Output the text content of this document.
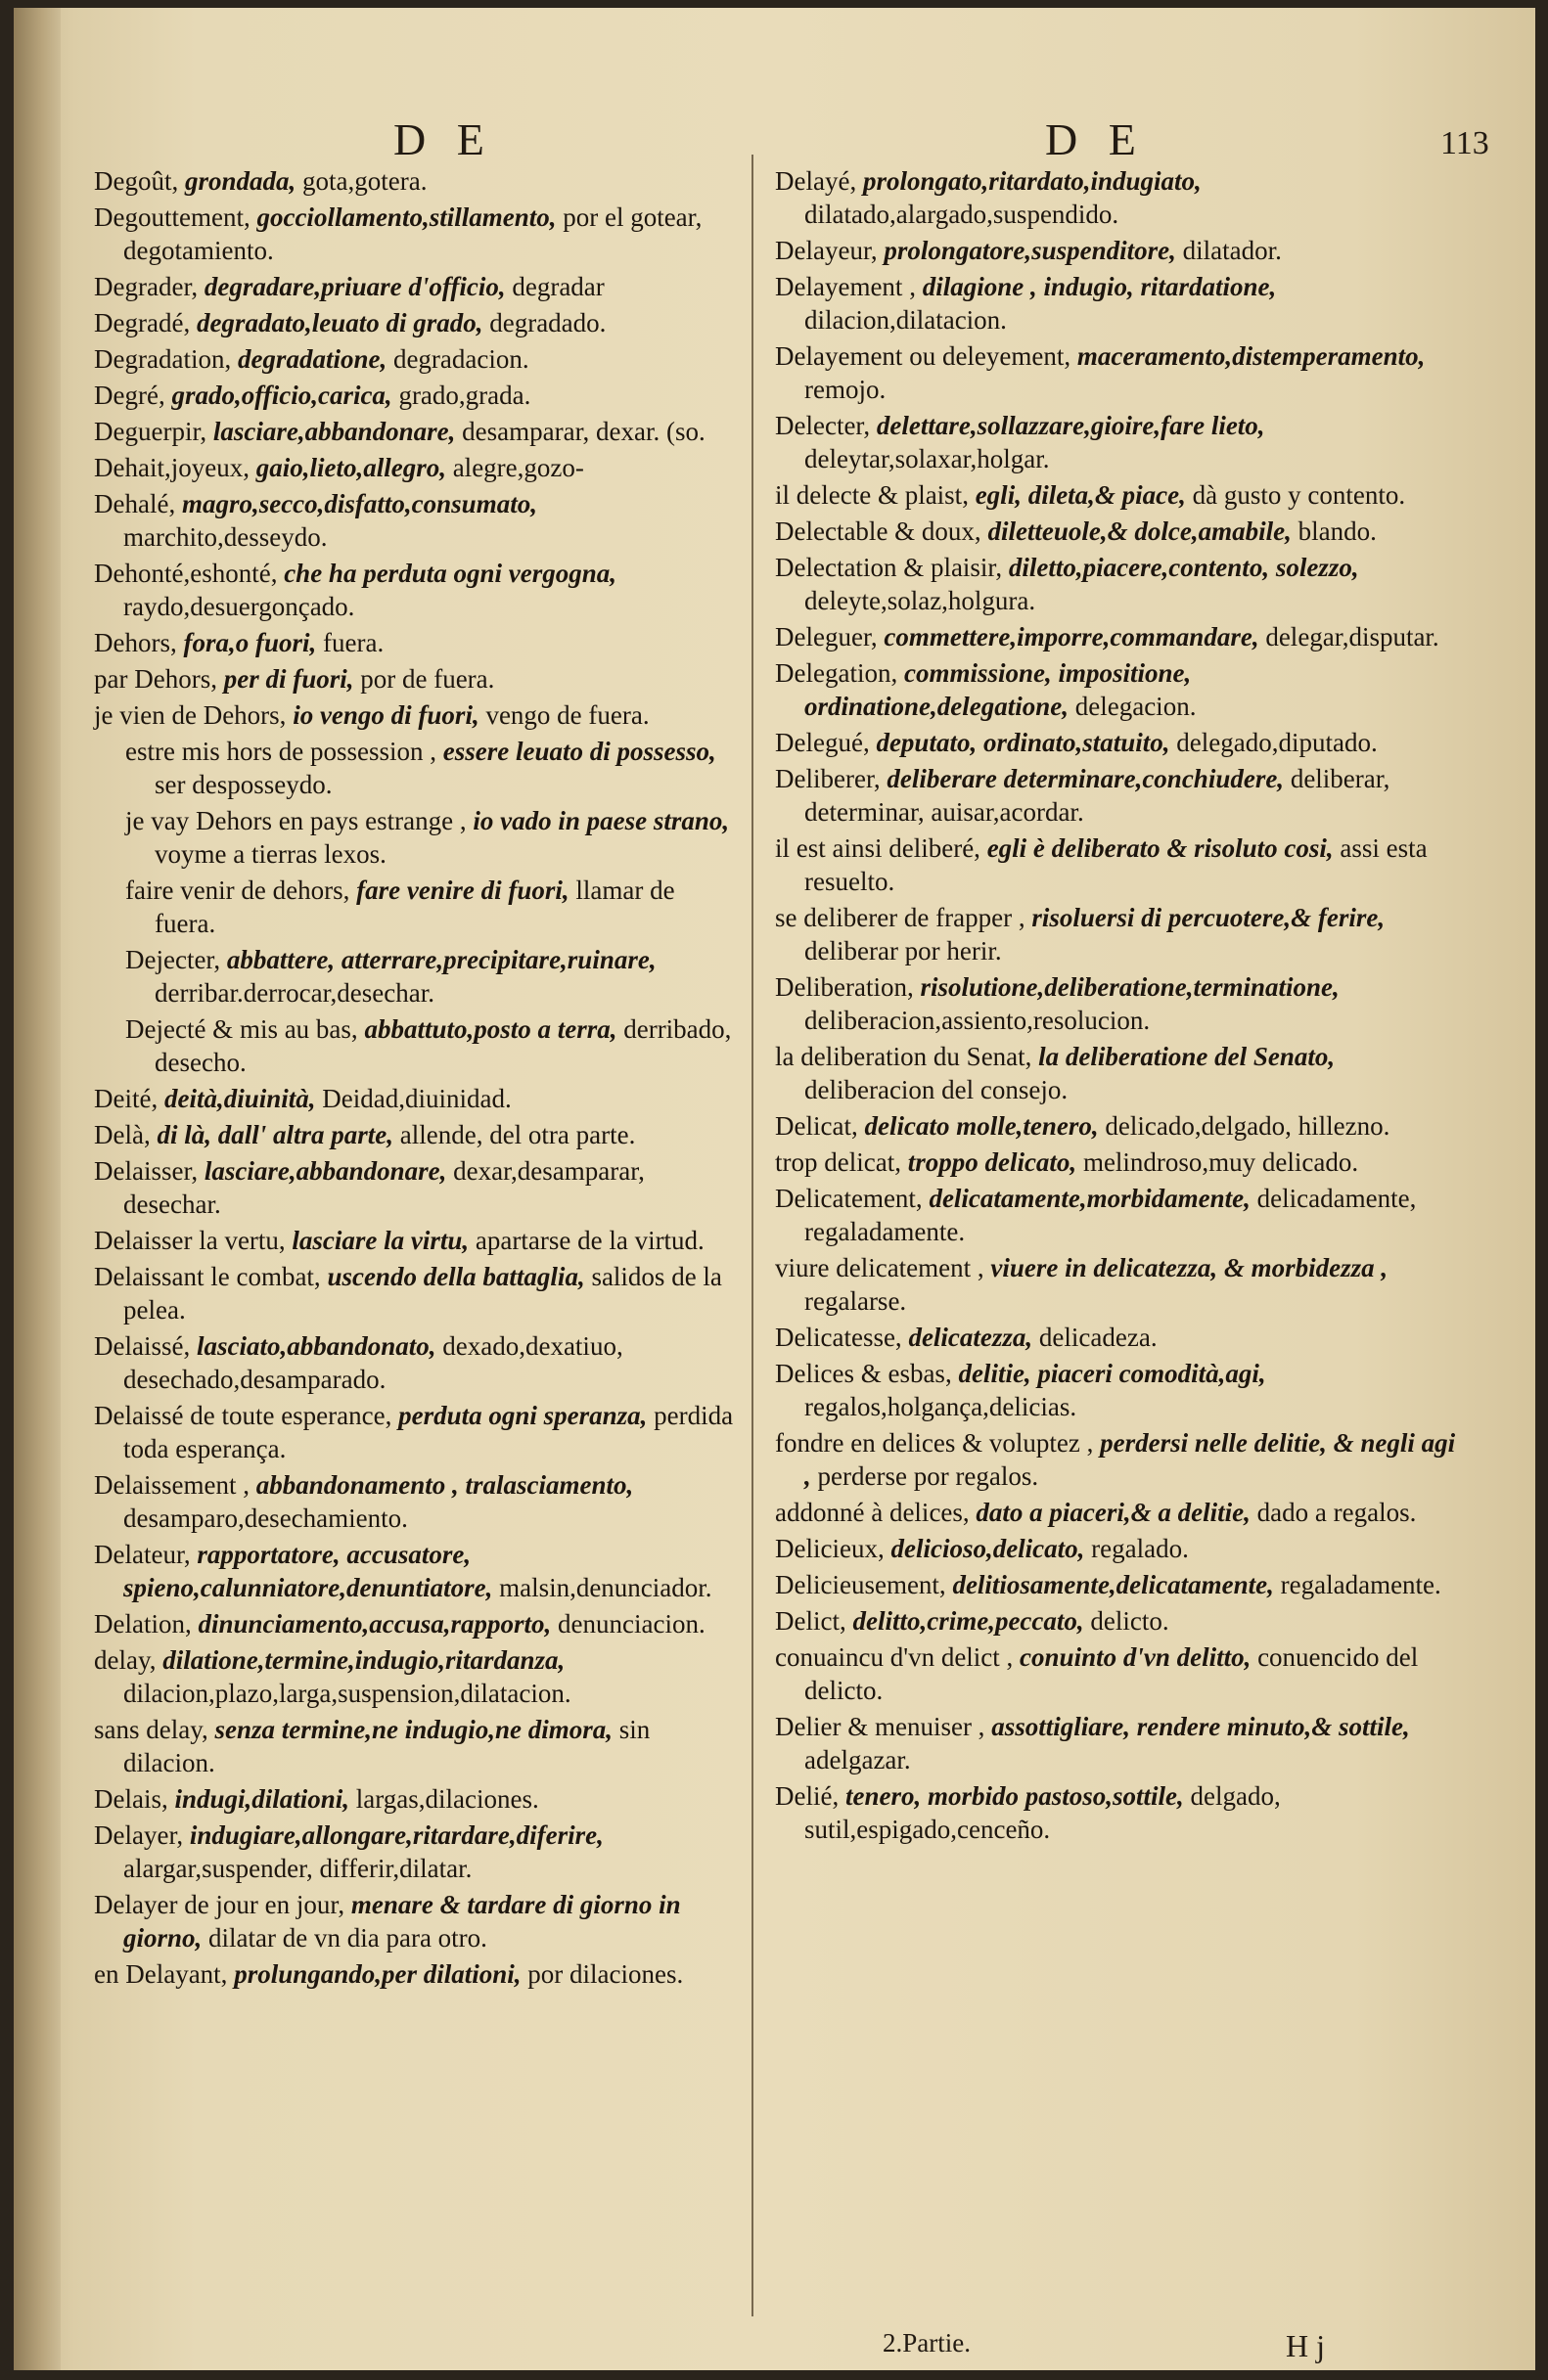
D E	D E	113
Degoût, grondada, gota,gotera.
Degouttement, gocciollamento,stillamento, por el gotear, degotamiento.
Degrader, degradare,priuare d'officio, degradar
Degradé, degradato,leuato di grado, degradado.
Degradation, degradatione, degradacion.
Degré, grado,officio,carica, grado,grada.
Deguerpir, lasciare,abbandonare, desamparar, dexar. (so.
Dehait,joyeux, gaio,lieto,allegro, alegre,gozo-
Dehalé, magro,secco,disfatto,consumato, marchito,desseydo.
Dehonté,eshonté, che ha perduta ogni vergogna, raydo,desuergonçado.
Dehors, fora,o fuori, fuera.
par Dehors, per di fuori, por de fuera.
je vien de Dehors, io vengo di fuori, vengo de fuera.
estre mis hors de possession , essere leuato di possesso, ser desposseydo.
je vay Dehors en pays estrange , io vado in paese strano, voyme a tierras lexos.
faire venir de dehors, fare venire di fuori, llamar de fuera.
Dejecter, abbattere, atterrare,precipitare,ruinare, derribar.derrocar,desechar.
Dejecté & mis au bas, abbattuto,posto a terra, derribado, desecho.
Deité, deità,diuinità, Deidad,diuinidad.
Delà, di là, dall' altra parte, allende, del otra parte.
Delaisser, lasciare,abbandonare, dexar,desamparar, desechar.
Delaisser la vertu, lasciare la virtu, apartarse de la virtud.
Delaissant le combat, uscendo della battaglia, salidos de la pelea.
Delaissé, lasciato,abbandonato, dexado,dexatiuo, desechado,desamparado.
Delaissé de toute esperance, perduta ogni speranza, perdida toda esperança.
Delaissement , abbandonamento , tralasciamento, desamparo,desechamiento.
Delateur, rapportatore, accusatore, spieno,calunniatore,denuntiatore, malsin,denunciador.
Delation, dinunciamento,accusa,rapporto, denunciacion.
delay, dilatione,termine,indugio,ritardanza, dilacion,plazo,larga,suspension,dilatacion.
sans delay, senza termine,ne indugio,ne dimora, sin dilacion.
Delais, indugi,dilationi, largas,dilaciones.
Delayer, indugiare,allongare,ritardare,diferire, alargar,suspender, differir,dilatar.
Delayer de jour en jour, menare & tardare di giorno in giorno, dilatar de vn dia para otro.
en Delayant, prolungando,per dilationi, por dilaciones.
Delayé, prolongato,ritardato,indugiato, dilatado,alargado,suspendido.
Delayeur, prolongatore,suspenditore, dilatador.
Delayement , dilagione , indugio, ritardatione, dilacion,dilatacion.
Delayement ou deleyement, maceramento,distemperamento, remojo.
Delecter, delettare,sollazzare,gioire,fare lieto, deleytar,solaxar,holgar.
il delecte & plaist, egli, dileta,& piace, dà gusto y contento.
Delectable & doux, diletteuole,& dolce,amabile, blando.
Delectation & plaisir, diletto,piacere,contento, solezzo, deleyte,solaz,holgura.
Deleguer, commettere,imporre,commandare, delegar,disputar.
Delegation, commissione, impositione, ordinatione,delegatione, delegacion.
Delegué, deputato, ordinato,statuito, delegado,diputado.
Deliberer, deliberare determinare,conchiudere, deliberar, determinar, auisar,acordar.
il est ainsi deliberé, egli è deliberato & risoluto cosi, assi esta resuelto.
se deliberer de frapper , risoluersi di percuotere,& ferire, deliberar por herir.
Deliberation, risolutione,deliberatione,terminatione, deliberacion,assiento,resolucion.
la deliberation du Senat, la deliberatione del Senato, deliberacion del consejo.
Delicat, delicato molle,tenero, delicado,delgado, hillezno.
trop delicat, troppo delicato, melindroso,muy delicado.
Delicatement, delicatamente,morbidamente, delicadamente, regaladamente.
viure delicatement , viuere in delicatezza, & morbidezza , regalarse.
Delicatesse, delicatezza, delicadeza.
Delices & esbas, delitie, piaceri comodità,agi, regalos,holgança,delicias.
fondre en delices & voluptez , perdersi nelle delitie, & negli agi , perderse por regalos.
addonné à delices, dato a piaceri,& a delitie, dado a regalos.
Delicieux, delicioso,delicato, regalado.
Delicieusement, delitiosamente,delicatamente, regaladamente.
Delict, delitto,crime,peccato, delicto.
conuaincu d'vn delict , conuinto d'vn delitto, conuencido del delicto.
Delier & menuiser , assottigliare, rendere minuto,& sottile, adelgazar.
Delié, tenero, morbido pastoso,sottile, delgado, sutil,espigado,cenceño.
2.Partie.	H j
